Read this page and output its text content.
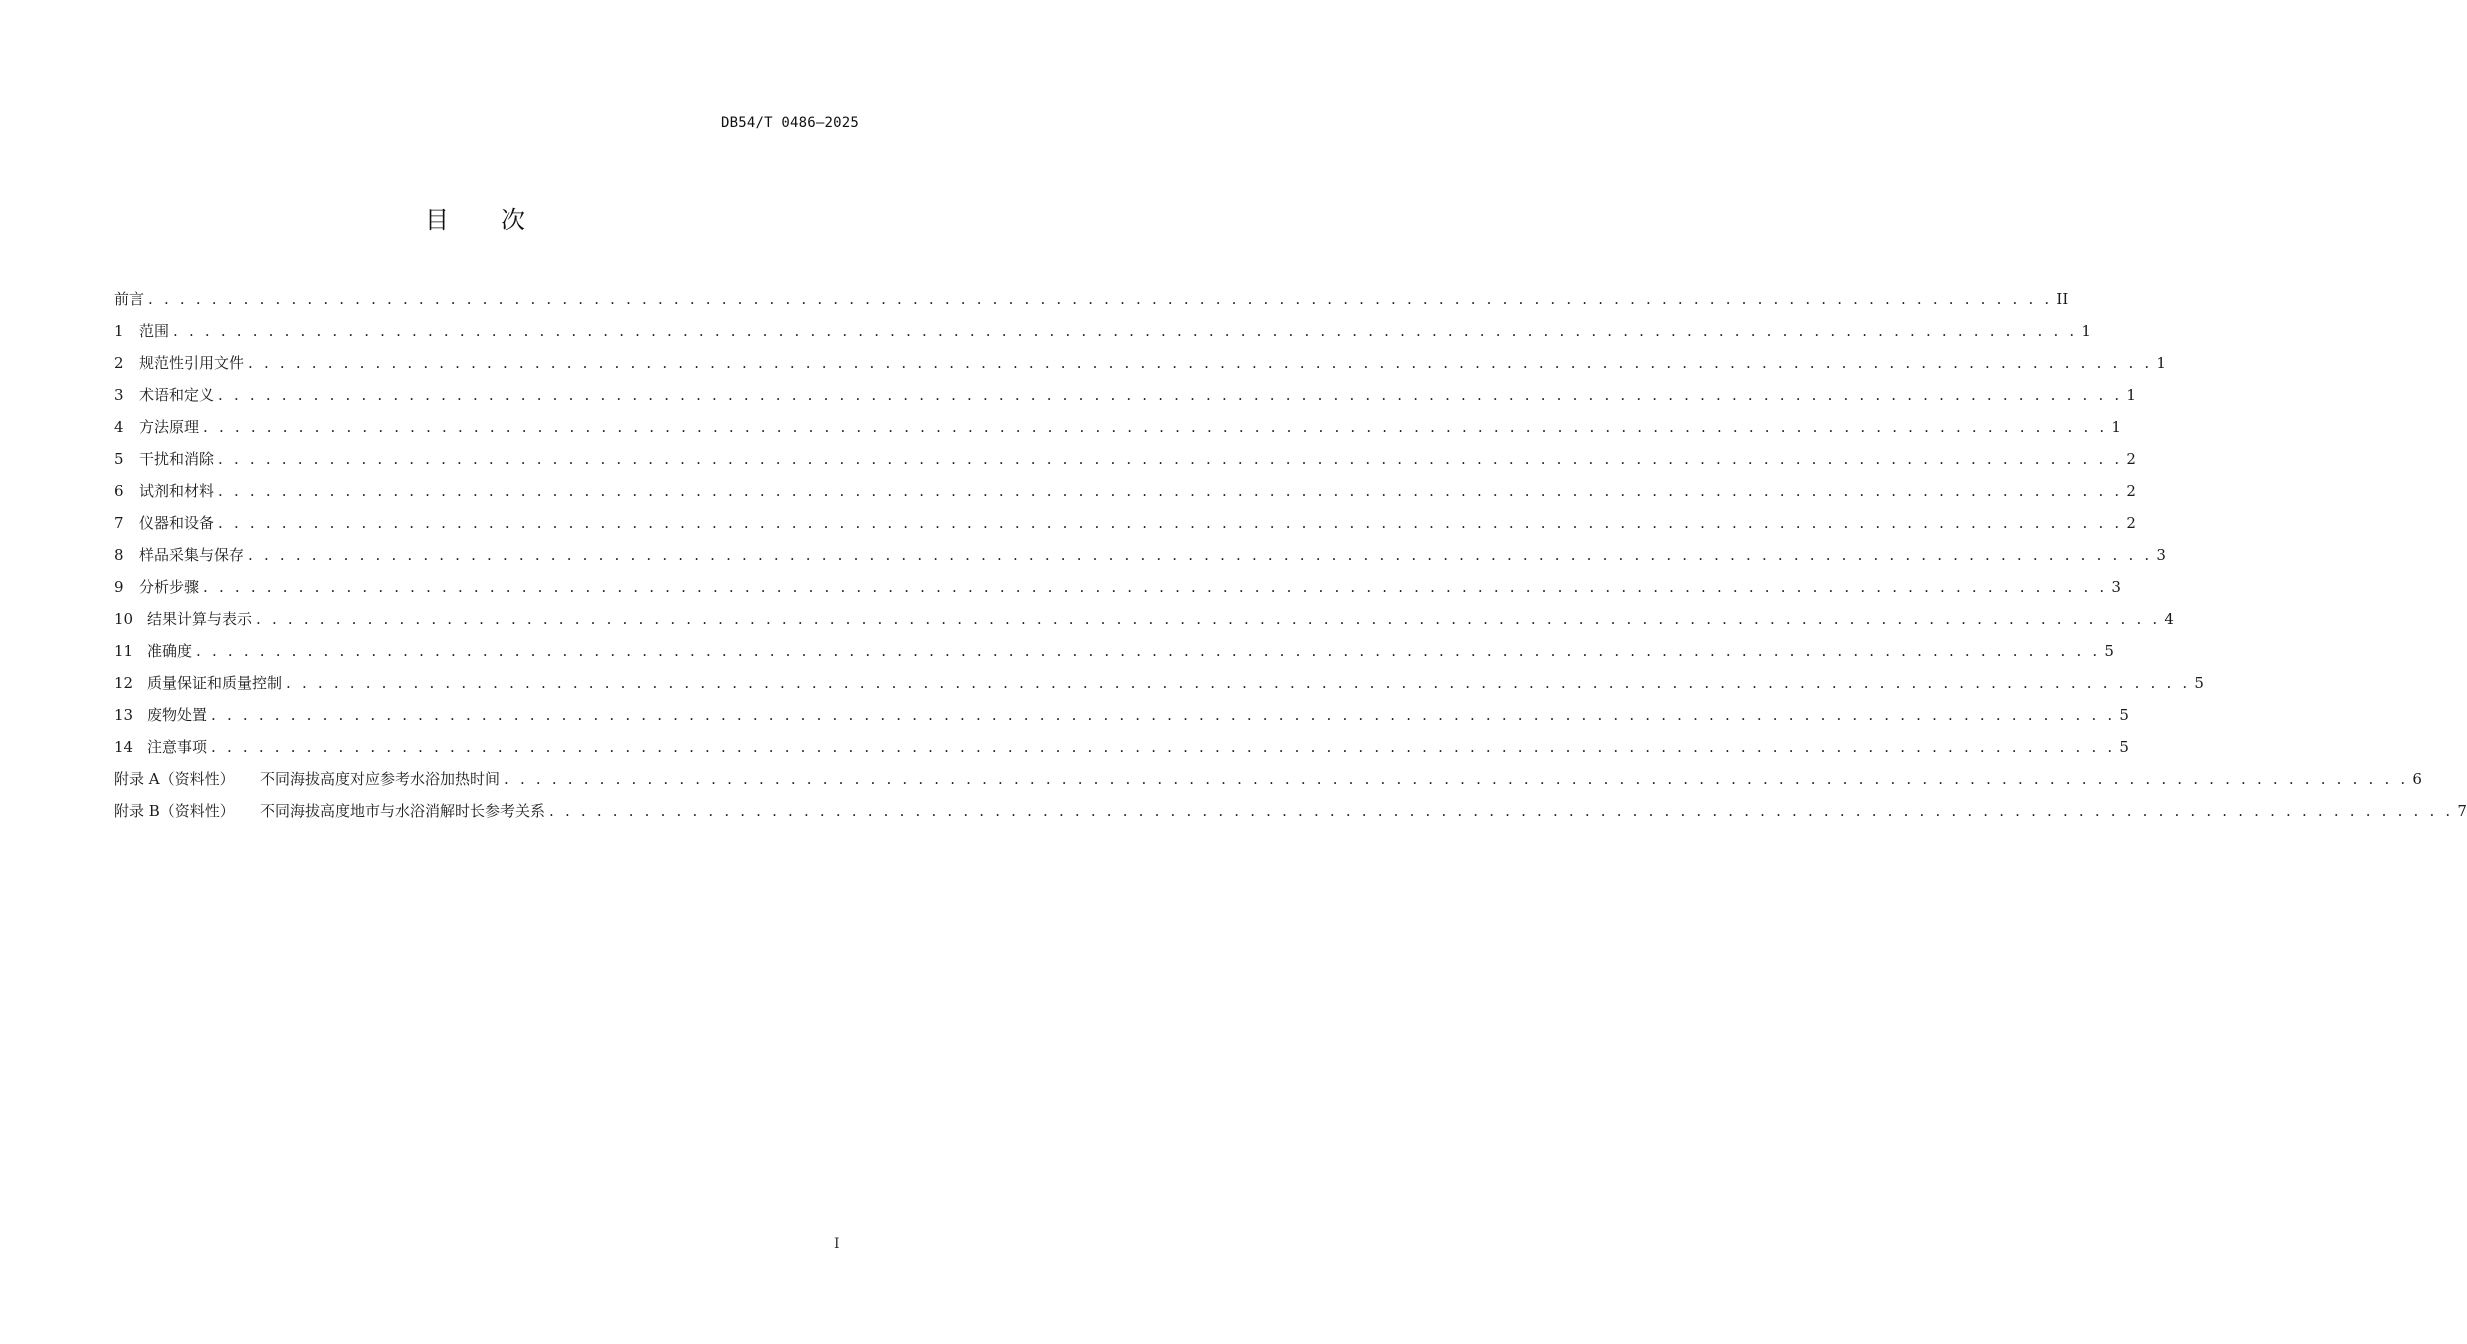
DB54/T 0486—2025
目次
前言 . . . . . . . . . . . . . . . . . . . . . . . . . . . . . . . . . . . . . . . . . . . . . . . . . . . . . . . . . . . . . . . . . . . . . . . . . . . . . . . . . . . . . . . . . . . . . . . . . . . . . . . . . . . . . . . . . . . . . . . . II
1	范围 . . . . . . . . . . . . . . . . . . . . . . . . . . . . . . . . . . . . . . . . . . . . . . . . . . . . . . . . . . . . . . . . . . . . . . . . . . . . . . . . . . . . . . . . . . . . . . . . . . . . . . . . . . . . . . . . . . . . . . . . 1
2	规范性引用文件 . . . . . . . . . . . . . . . . . . . . . . . . . . . . . . . . . . . . . . . . . . . . . . . . . . . . . . . . . . . . . . . . . . . . . . . . . . . . . . . . . . . . . . . . . . . . . . . . . . . . . . . . . . . . . . . . . . . . . . . . 1
3	术语和定义 . . . . . . . . . . . . . . . . . . . . . . . . . . . . . . . . . . . . . . . . . . . . . . . . . . . . . . . . . . . . . . . . . . . . . . . . . . . . . . . . . . . . . . . . . . . . . . . . . . . . . . . . . . . . . . . . . . . . . . . . 1
4	方法原理 . . . . . . . . . . . . . . . . . . . . . . . . . . . . . . . . . . . . . . . . . . . . . . . . . . . . . . . . . . . . . . . . . . . . . . . . . . . . . . . . . . . . . . . . . . . . . . . . . . . . . . . . . . . . . . . . . . . . . . . . 1
5	干扰和消除 . . . . . . . . . . . . . . . . . . . . . . . . . . . . . . . . . . . . . . . . . . . . . . . . . . . . . . . . . . . . . . . . . . . . . . . . . . . . . . . . . . . . . . . . . . . . . . . . . . . . . . . . . . . . . . . . . . . . . . . . 2
6	试剂和材料 . . . . . . . . . . . . . . . . . . . . . . . . . . . . . . . . . . . . . . . . . . . . . . . . . . . . . . . . . . . . . . . . . . . . . . . . . . . . . . . . . . . . . . . . . . . . . . . . . . . . . . . . . . . . . . . . . . . . . . . . 2
7	仪器和设备 . . . . . . . . . . . . . . . . . . . . . . . . . . . . . . . . . . . . . . . . . . . . . . . . . . . . . . . . . . . . . . . . . . . . . . . . . . . . . . . . . . . . . . . . . . . . . . . . . . . . . . . . . . . . . . . . . . . . . . . . 2
8	样品采集与保存 . . . . . . . . . . . . . . . . . . . . . . . . . . . . . . . . . . . . . . . . . . . . . . . . . . . . . . . . . . . . . . . . . . . . . . . . . . . . . . . . . . . . . . . . . . . . . . . . . . . . . . . . . . . . . . . . . . . . . . . . 3
9	分析步骤 . . . . . . . . . . . . . . . . . . . . . . . . . . . . . . . . . . . . . . . . . . . . . . . . . . . . . . . . . . . . . . . . . . . . . . . . . . . . . . . . . . . . . . . . . . . . . . . . . . . . . . . . . . . . . . . . . . . . . . . . 3
10 结果计算与表示 . . . . . . . . . . . . . . . . . . . . . . . . . . . . . . . . . . . . . . . . . . . . . . . . . . . . . . . . . . . . . . . . . . . . . . . . . . . . . . . . . . . . . . . . . . . . . . . . . . . . . . . . . . . . . . . . . . . . . . . . 4
11 准确度 . . . . . . . . . . . . . . . . . . . . . . . . . . . . . . . . . . . . . . . . . . . . . . . . . . . . . . . . . . . . . . . . . . . . . . . . . . . . . . . . . . . . . . . . . . . . . . . . . . . . . . . . . . . . . . . . . . . . . . . . 5
12 质量保证和质量控制 . . . . . . . . . . . . . . . . . . . . . . . . . . . . . . . . . . . . . . . . . . . . . . . . . . . . . . . . . . . . . . . . . . . . . . . . . . . . . . . . . . . . . . . . . . . . . . . . . . . . . . . . . . . . . . . . . . . . . . . . 5
13 废物处置 . . . . . . . . . . . . . . . . . . . . . . . . . . . . . . . . . . . . . . . . . . . . . . . . . . . . . . . . . . . . . . . . . . . . . . . . . . . . . . . . . . . . . . . . . . . . . . . . . . . . . . . . . . . . . . . . . . . . . . . . 5
14 注意事项 . . . . . . . . . . . . . . . . . . . . . . . . . . . . . . . . . . . . . . . . . . . . . . . . . . . . . . . . . . . . . . . . . . . . . . . . . . . . . . . . . . . . . . . . . . . . . . . . . . . . . . . . . . . . . . . . . . . . . . . . 5
附录 A（资料性）	不同海拔高度对应参考水浴加热时间 . . . . . . . . . . . . . . . . . . . . . . . . . . . . . . . . . . . . . . . . . . . . . . . . . . . . . . . . . . . . . . . . . . . . . . . . . . . . . . . . . . . . . . . . . . . . . . . . . . . . . . . . . . . . . . . . . . . . . . . . 6
附录 B（资料性）	不同海拔高度地市与水浴消解时长参考关系 . . . . . . . . . . . . . . . . . . . . . . . . . . . . . . . . . . . . . . . . . . . . . . . . . . . . . . . . . . . . . . . . . . . . . . . . . . . . . . . . . . . . . . . . . . . . . . . . . . . . . . . . . . . . . . . . . . . . . . . . 7
I
